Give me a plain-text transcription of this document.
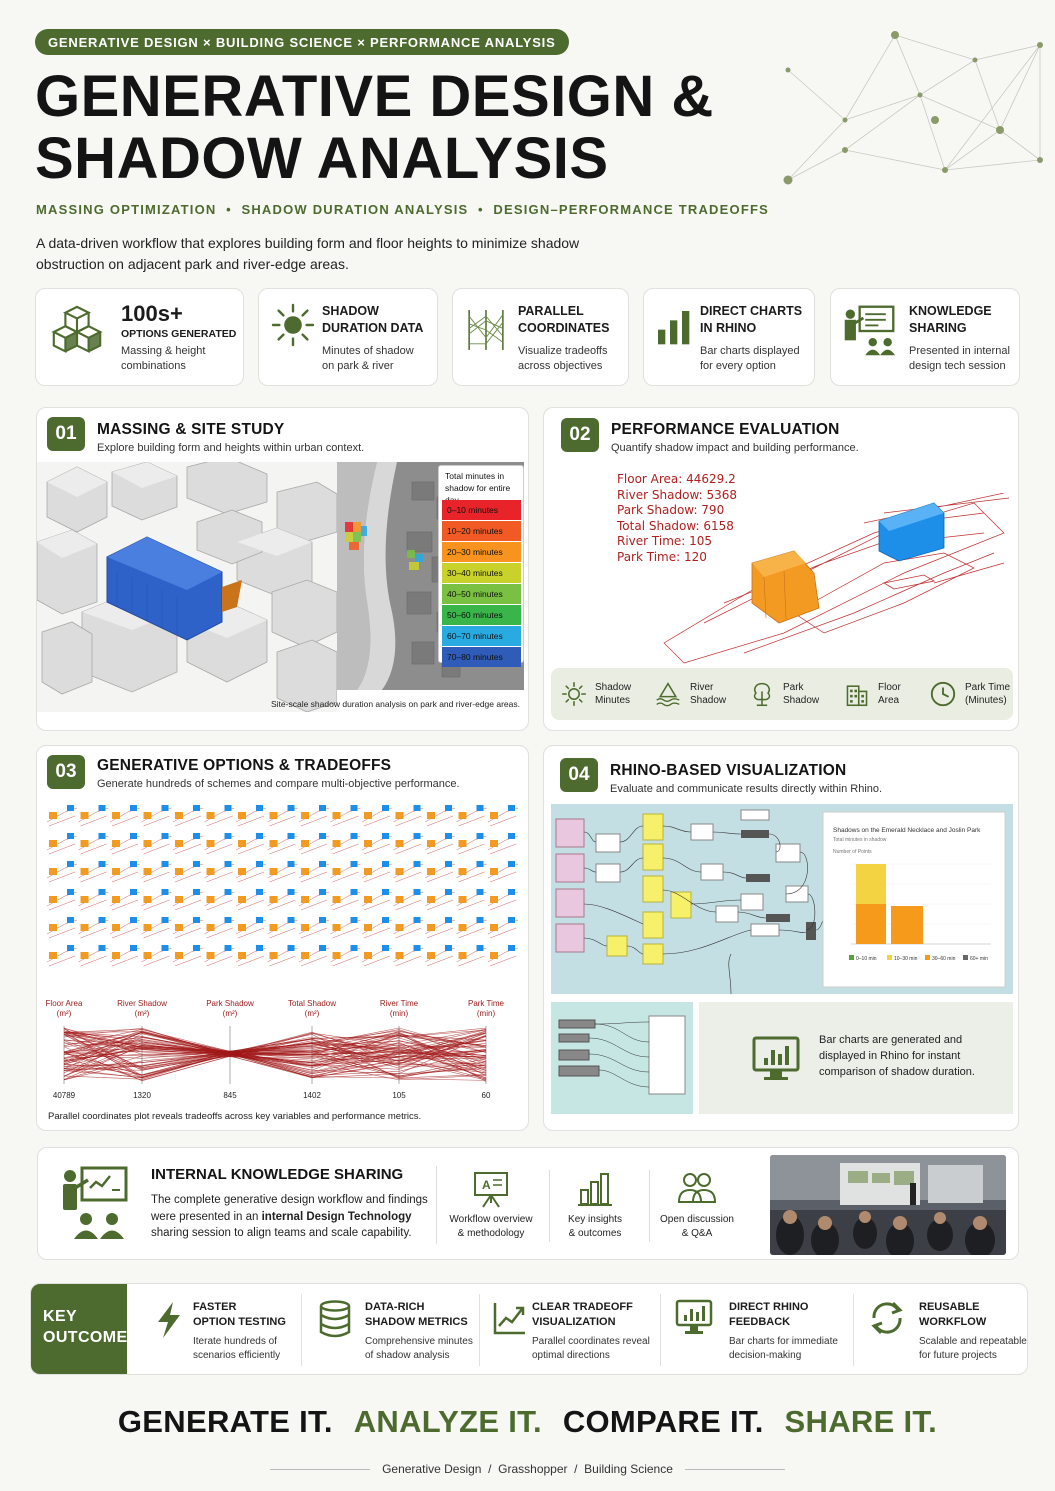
GENERATIVE DESIGN × BUILDING SCIENCE × PERFORMANCE ANALYSIS
GENERATIVE DESIGN &
SHADOW ANALYSIS
MASSING OPTIMIZATION  •  SHADOW DURATION ANALYSIS  •  DESIGN–PERFORMANCE TRADEOFFS
A data-driven workflow that explores building form and floor heights to minimize shadow obstruction on adjacent park and river-edge areas.
100s+
OPTIONS GENERATED
Massing & height combinations
SHADOW DURATION DATA
Minutes of shadow on park & river
PARALLEL COORDINATES
Visualize tradeoffs across objectives
DIRECT CHARTS IN RHINO
Bar charts displayed for every option
KNOWLEDGE SHARING
Presented in internal design tech session
01	MASSING & SITE STUDY
Explore building form and heights within urban context.
Total minutes in shadow for entire
0–10 minutes
10–20 minutes
20–30 minutes
30–40 minutes
40–50 minutes
50–60 minutes
60–70 minutes
70–80 minutes
Site-scale shadow duration analysis on park and river-edge areas.
02	PERFORMANCE EVALUATION
Quantify shadow impact and building performance.
Floor Area: 44629.2
River Shadow: 5368
Park Shadow: 790
Total Shadow: 6158
River Time: 105
Park Time: 120
Shadow
Minutes
River
Shadow
Park
Shadow
Floor
Area
Park Time
(Minutes)
03	GENERATIVE OPTIONS & TRADEOFFS
Generate hundreds of schemes and compare multi-objective performance.
Floor Area
(m²)
40789
River Shadow
(m²)
1320
Park Shadow
(m²)
845
Total Shadow
(m²)
1402
River Time
(min)
105
Park Time
(min)
60
Parallel coordinates plot reveals tradeoffs across key variables and performance metrics.
04	RHINO-BASED VISUALIZATION
Evaluate and communicate results directly within Rhino.
Shadows on the Emerald Necklace and Joslin Park
Total minutes in shadow
Number of Points
0–10 min	10–30 min	30–60 min	60+ min
Bar charts are generated and displayed in Rhino for instant comparison of shadow duration.
INTERNAL KNOWLEDGE SHARING
The complete generative design workflow and findings were presented in an internal Design Technology sharing session to align teams and scale capability.
A
Workflow overview
& methodology
Key insights
& outcomes
Open discussion
& Q&A
KEY
OUTCOMES
FASTER
OPTION TESTING
Iterate hundreds of
scenarios efficiently
DATA-RICH
SHADOW METRICS
Comprehensive minutes
of shadow analysis
CLEAR TRADEOFF
VISUALIZATION
Parallel coordinates reveal
optimal directions
DIRECT RHINO
FEEDBACK
Bar charts for immediate
decision-making
REUSABLE
WORKFLOW
Scalable and repeatable
for future projects
GENERATE IT. ANALYZE IT. COMPARE IT. SHARE IT.
Generative Design  /  Grasshopper  /  Building Science
